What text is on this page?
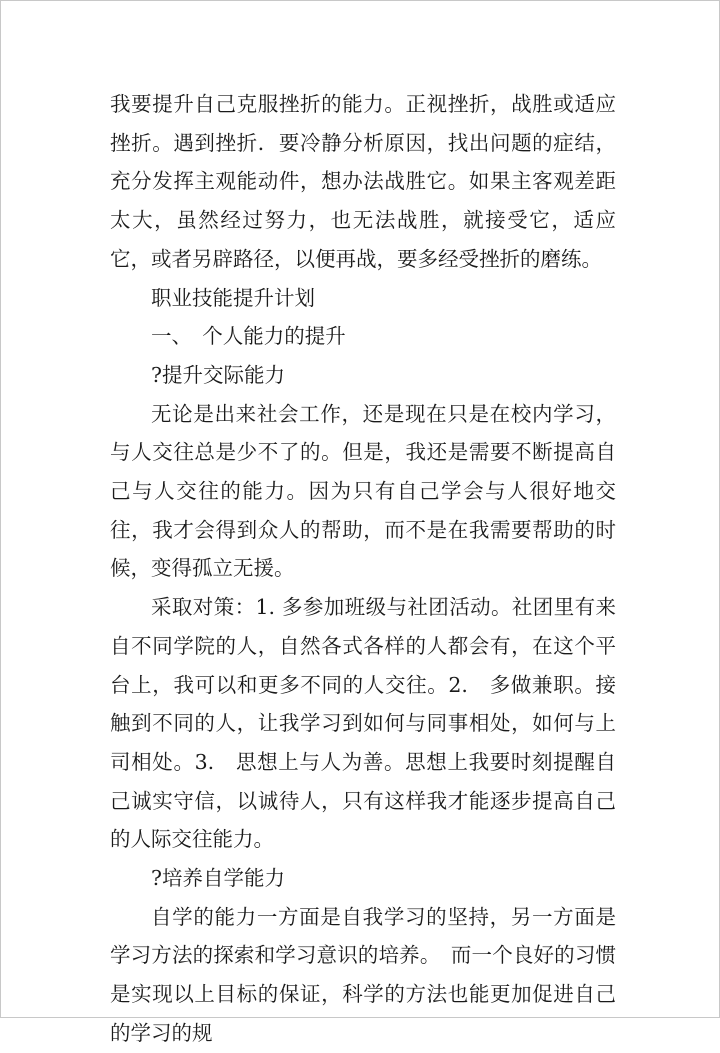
我要提升自己克服挫折的能力。正视挫折，战胜或适应挫折。遇到挫折．要冷静分析原因，找出问题的症结，充分发挥主观能动件，想办法战胜它。如果主客观差距太大，虽然经过努力，也无法战胜，就接受它，适应它，或者另辟路径，以便再战，要多经受挫折的磨练。

职业技能提升计划

一、　个人能力的提升

?提升交际能力

无论是出来社会工作，还是现在只是在校内学习，与人交往总是少不了的。但是，我还是需要不断提高自己与人交往的能力。因为只有自己学会与人很好地交往，我才会得到众人的帮助，而不是在我需要帮助的时候，变得孤立无援。

采取对策：1. 多参加班级与社团活动。社团里有来自不同学院的人，自然各式各样的人都会有，在这个平台上，我可以和更多不同的人交往。2.　多做兼职。接触到不同的人，让我学习到如何与同事相处，如何与上司相处。3.　思想上与人为善。思想上我要时刻提醒自己诚实守信，以诚待人，只有这样我才能逐步提高自己的人际交往能力。

?培养自学能力

自学的能力一方面是自我学习的坚持，另一方面是学习方法的探索和学习意识的培养。　而一个良好的习惯是实现以上目标的保证，科学的方法也能更加促进自己的学习的规
